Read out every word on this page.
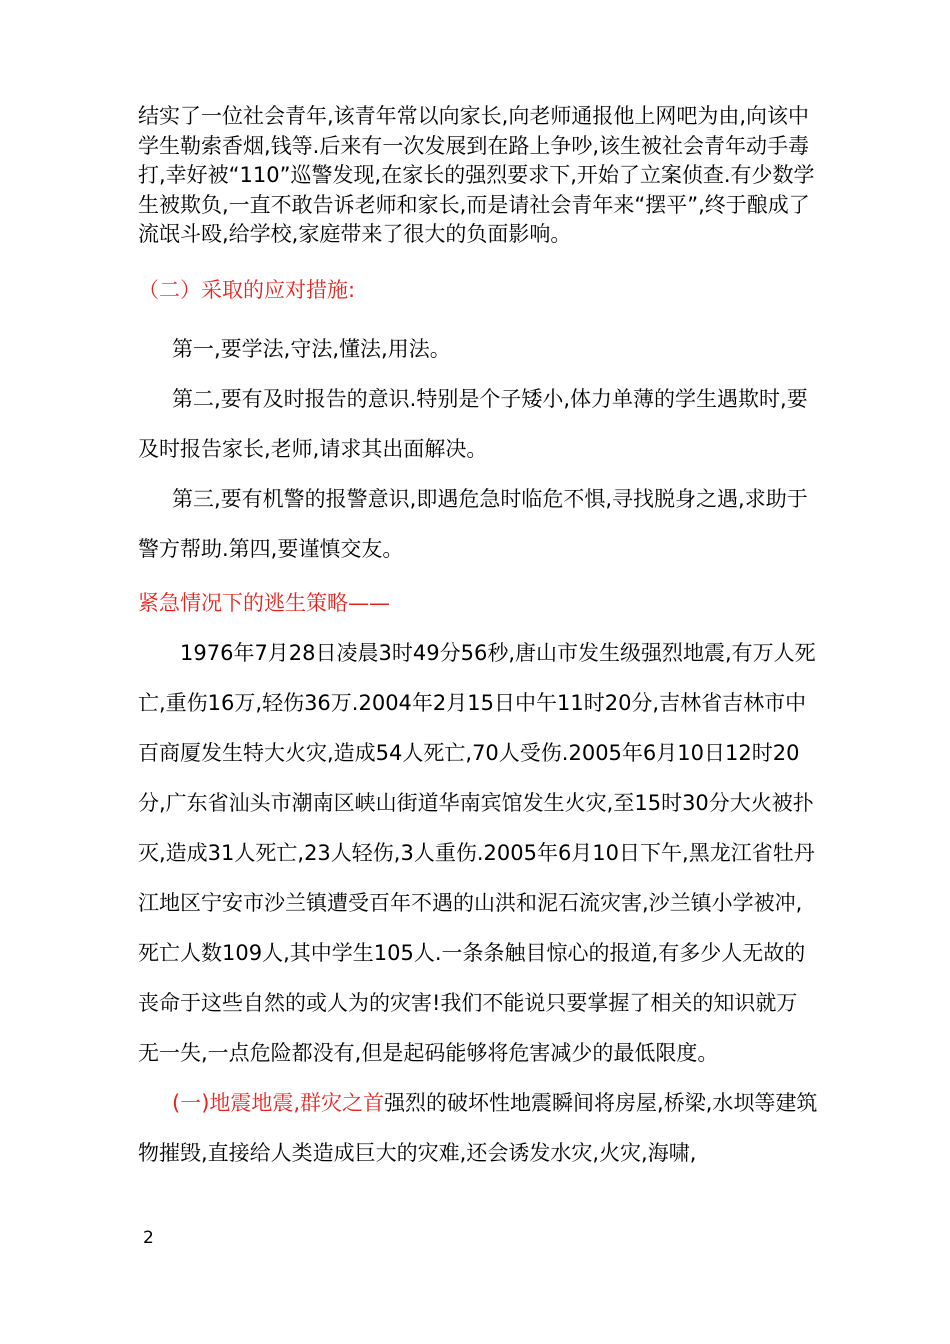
结实了一位社会青年,该青年常以向家长,向老师通报他上网吧为由,向该中学生勒索香烟,钱等.后来有一次发展到在路上争吵,该生被社会青年动手毒打,幸好被“110”巡警发现,在家长的强烈要求下,开始了立案侦查.有少数学生被欺负,一直不敢告诉老师和家长,而是请社会青年来“摆平”,终于酿成了流氓斗殴,给学校,家庭带来了很大的负面影响。

（二）采取的应对措施:

第一,要学法,守法,懂法,用法。

第二,要有及时报告的意识.特别是个子矮小,体力单薄的学生遇欺时,要及时报告家长,老师,请求其出面解决。

第三,要有机警的报警意识,即遇危急时临危不惧,寻找脱身之遇,求助于警方帮助.第四,要谨慎交友。

紧急情况下的逃生策略——

1976年7月28日凌晨3时49分56秒,唐山市发生级强烈地震,有万人死亡,重伤16万,轻伤36万.2004年2月15日中午11时20分,吉林省吉林市中百商厦发生特大火灾,造成54人死亡,70人受伤.2005年6月10日12时20分,广东省汕头市潮南区峡山街道华南宾馆发生火灾,至15时30分大火被扑灭,造成31人死亡,23人轻伤,3人重伤.2005年6月10日下午,黑龙江省牡丹江地区宁安市沙兰镇遭受百年不遇的山洪和泥石流灾害,沙兰镇小学被冲,死亡人数109人,其中学生105人.一条条触目惊心的报道,有多少人无故的丧命于这些自然的或人为的灾害!我们不能说只要掌握了相关的知识就万无一失,一点危险都没有,但是起码能够将危害减少的最低限度。

(一)地震地震,群灾之首强烈的破坏性地震瞬间将房屋,桥梁,水坝等建筑物摧毁,直接给人类造成巨大的灾难,还会诱发水灾,火灾,海啸,

2
